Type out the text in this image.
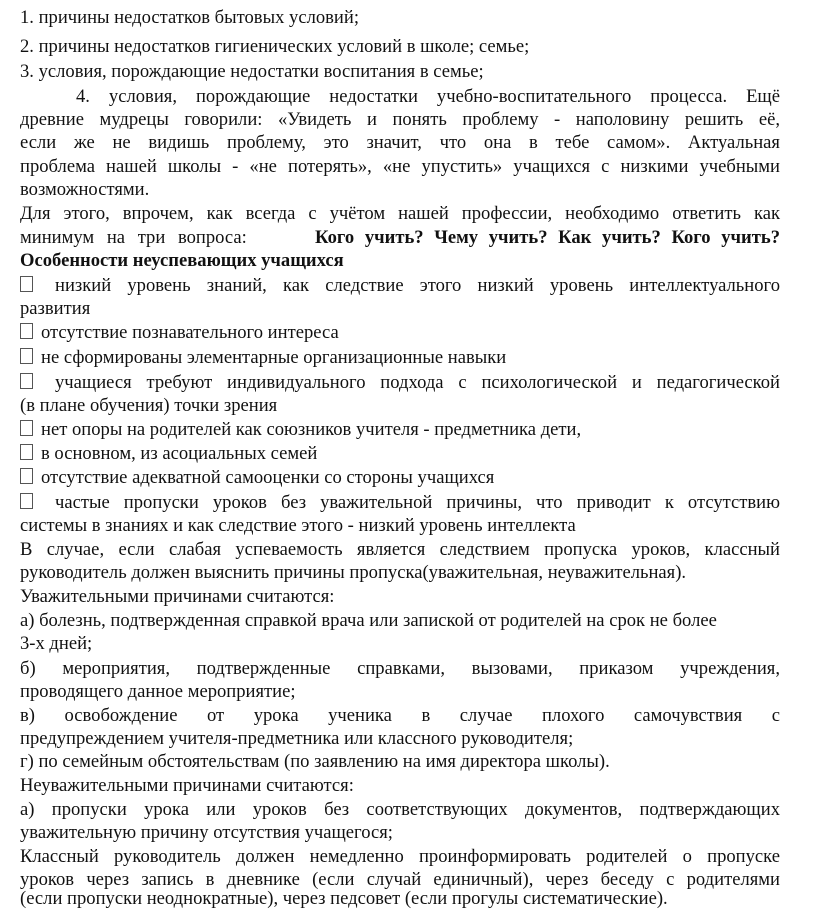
1. причины недостатков бытовых условий;
2. причины недостатков гигиенических условий в школе; семье;
3. условия, порождающие недостатки воспитания в семье;
4. условия, порождающие недостатки учебно-воспитательного процесса. Ещё
древние мудрецы говорили: «Увидеть и понять проблему - наполовину решить её,
если же не видишь проблему, это значит, что она в тебе самом». Актуальная
проблема нашей школы - «не потерять», «не упустить» учащихся с низкими учебными
возможностями.
Для этого, впрочем, как всегда с учётом нашей профессии, необходимо ответить как
минимум на три вопроса:	Кого учить? Чему учить? Как учить? Кого учить?
Особенности неуспевающих учащихся
низкий уровень знаний, как следствие этого низкий уровень интеллектуального
развития
отсутствие познавательного интереса
не сформированы элементарные организационные навыки
учащиеся требуют индивидуального подхода с психологической и педагогической
(в плане обучения) точки зрения
нет опоры на родителей как союзников учителя - предметника дети,
в основном, из асоциальных семей
отсутствие адекватной самооценки со стороны учащихся
частые пропуски уроков без уважительной причины, что приводит к отсутствию
системы в знаниях и как следствие этого - низкий уровень интеллекта
В случае, если слабая успеваемость является следствием пропуска уроков, классный
руководитель должен выяснить причины пропуска(уважительная, неуважительная).
Уважительными причинами считаются:
а) болезнь, подтвержденная справкой врача или запиской от родителей на срок не более
3-х дней;
б) мероприятия, подтвержденные справками, вызовами, приказом учреждения,
проводящего данное мероприятие;
в) освобождение от урока ученика в случае плохого самочувствия с
предупреждением учителя-предметника или классного руководителя;
г) по семейным обстоятельствам (по заявлению на имя директора школы).
Неуважительными причинами считаются:
а) пропуски урока или уроков без соответствующих документов, подтверждающих
уважительную причину отсутствия учащегося;
Классный руководитель должен немедленно проинформировать родителей о пропуске
уроков через запись в дневнике (если случай единичный), через беседу с родителями
(если пропуски неоднократные), через педсовет (если прогулы систематические).
